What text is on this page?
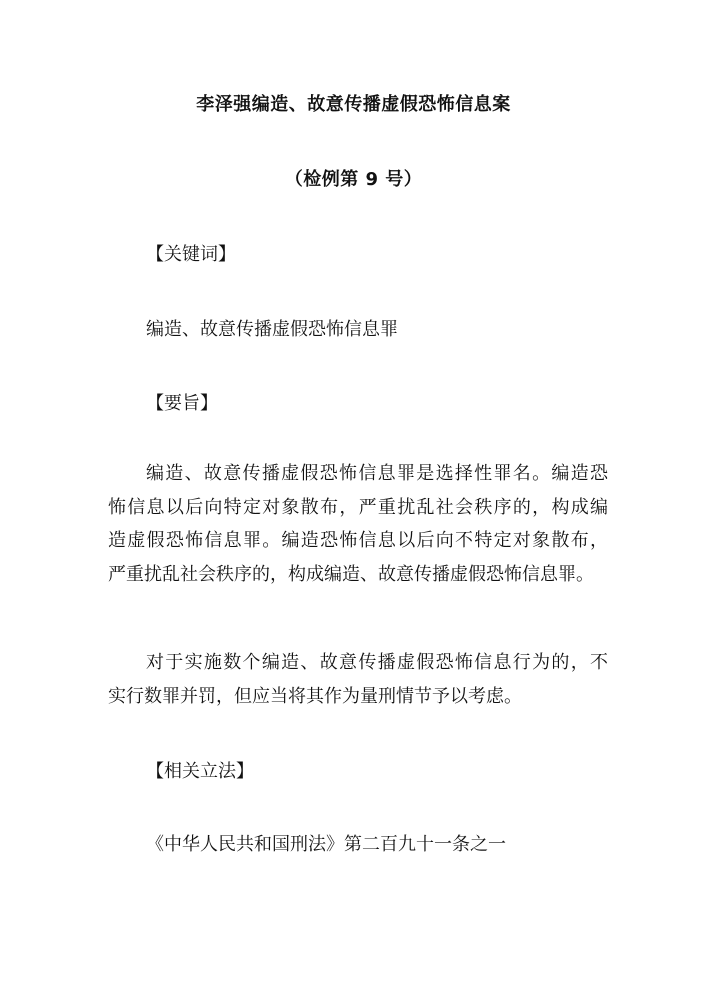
李泽强编造、故意传播虚假恐怖信息案
（检例第 9 号）
【关键词】
编造、故意传播虚假恐怖信息罪
【要旨】
编造、故意传播虚假恐怖信息罪是选择性罪名。编造恐
怖信息以后向特定对象散布，严重扰乱社会秩序的，构成编
造虚假恐怖信息罪。编造恐怖信息以后向不特定对象散布，
严重扰乱社会秩序的，构成编造、故意传播虚假恐怖信息罪。
对于实施数个编造、故意传播虚假恐怖信息行为的，不
实行数罪并罚，但应当将其作为量刑情节予以考虑。
【相关立法】
《中华人民共和国刑法》第二百九十一条之一
